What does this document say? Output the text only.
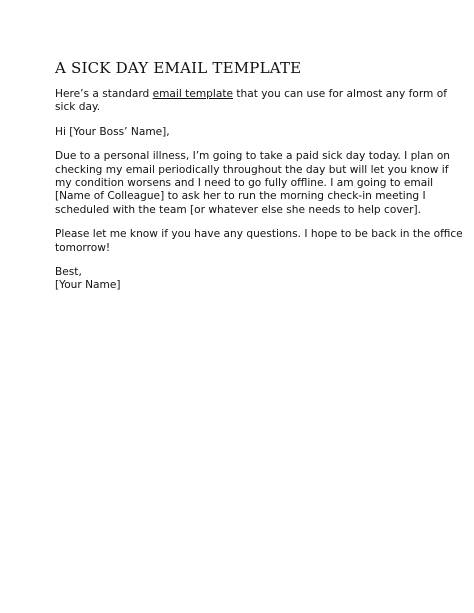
A SICK DAY EMAIL TEMPLATE
Here’s a standard email template that you can use for almost any form of
sick day.
Hi [Your Boss’ Name],
Due to a personal illness, I’m going to take a paid sick day today. I plan on
checking my email periodically throughout the day but will let you know if
my condition worsens and I need to go fully offline. I am going to email
[Name of Colleague] to ask her to run the morning check-in meeting I
scheduled with the team [or whatever else she needs to help cover].
Please let me know if you have any questions. I hope to be back in the office
tomorrow!
Best,
[Your Name]
